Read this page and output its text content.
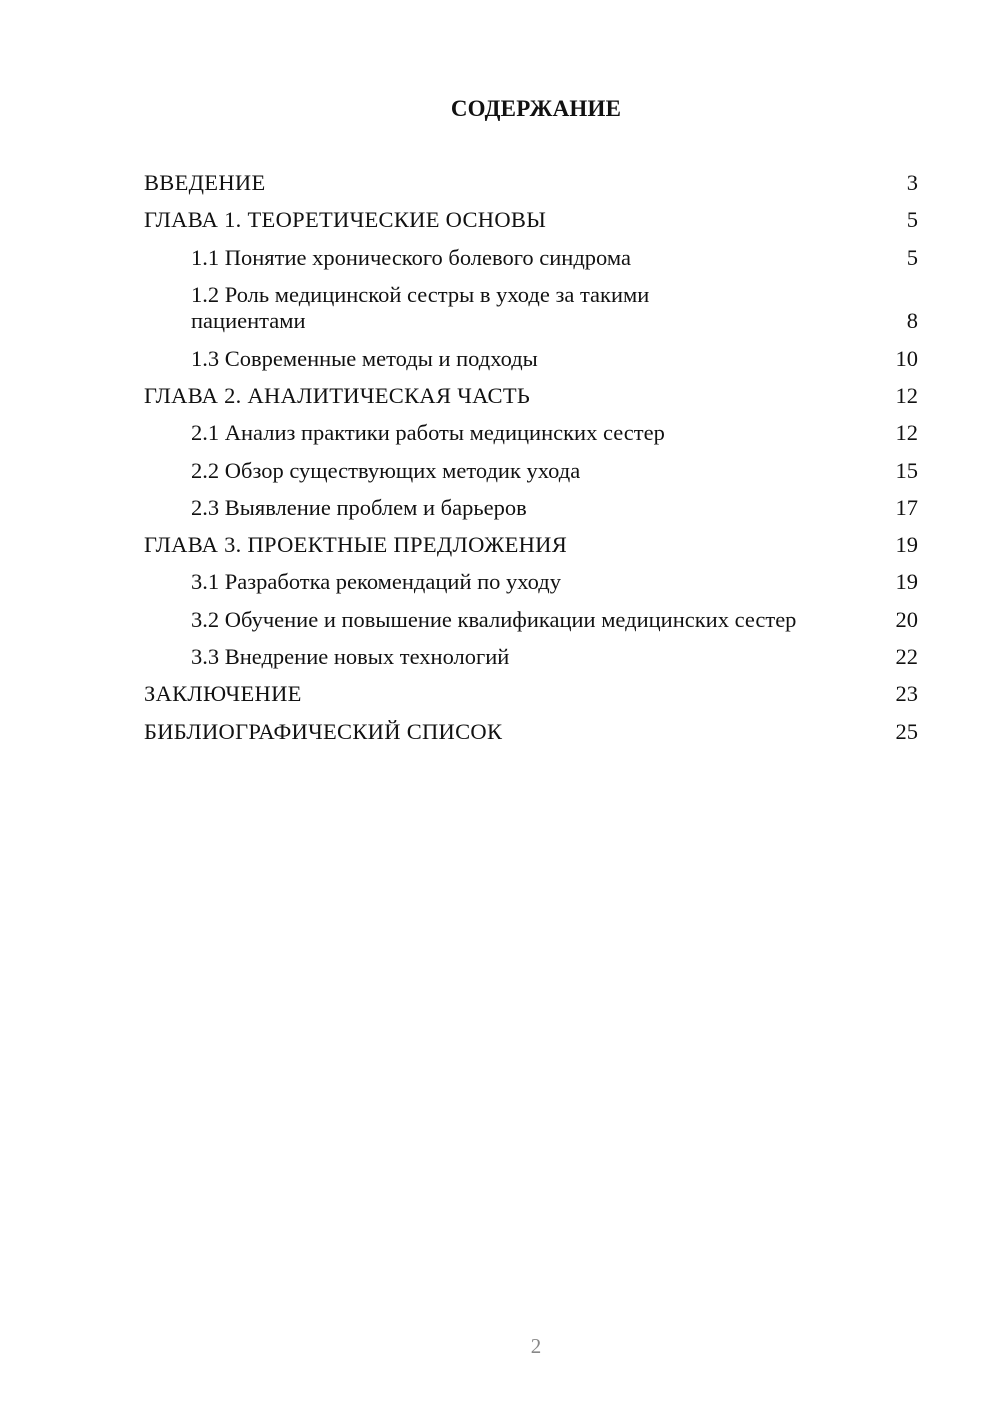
СОДЕРЖАНИЕ
ВВЕДЕНИЕ	3
ГЛАВА 1. ТЕОРЕТИЧЕСКИЕ ОСНОВЫ	5
1.1 Понятие хронического болевого синдрома	5
1.2 Роль медицинской сестры в уходе за такими пациентами	8
1.3 Современные методы и подходы	10
ГЛАВА 2. АНАЛИТИЧЕСКАЯ ЧАСТЬ	12
2.1 Анализ практики работы медицинских сестер	12
2.2 Обзор существующих методик ухода	15
2.3 Выявление проблем и барьеров	17
ГЛАВА 3. ПРОЕКТНЫЕ ПРЕДЛОЖЕНИЯ	19
3.1 Разработка рекомендаций по уходу	19
3.2 Обучение и повышение квалификации медицинских сестер	20
3.3 Внедрение новых технологий	22
ЗАКЛЮЧЕНИЕ	23
БИБЛИОГРАФИЧЕСКИЙ СПИСОК	25
2
